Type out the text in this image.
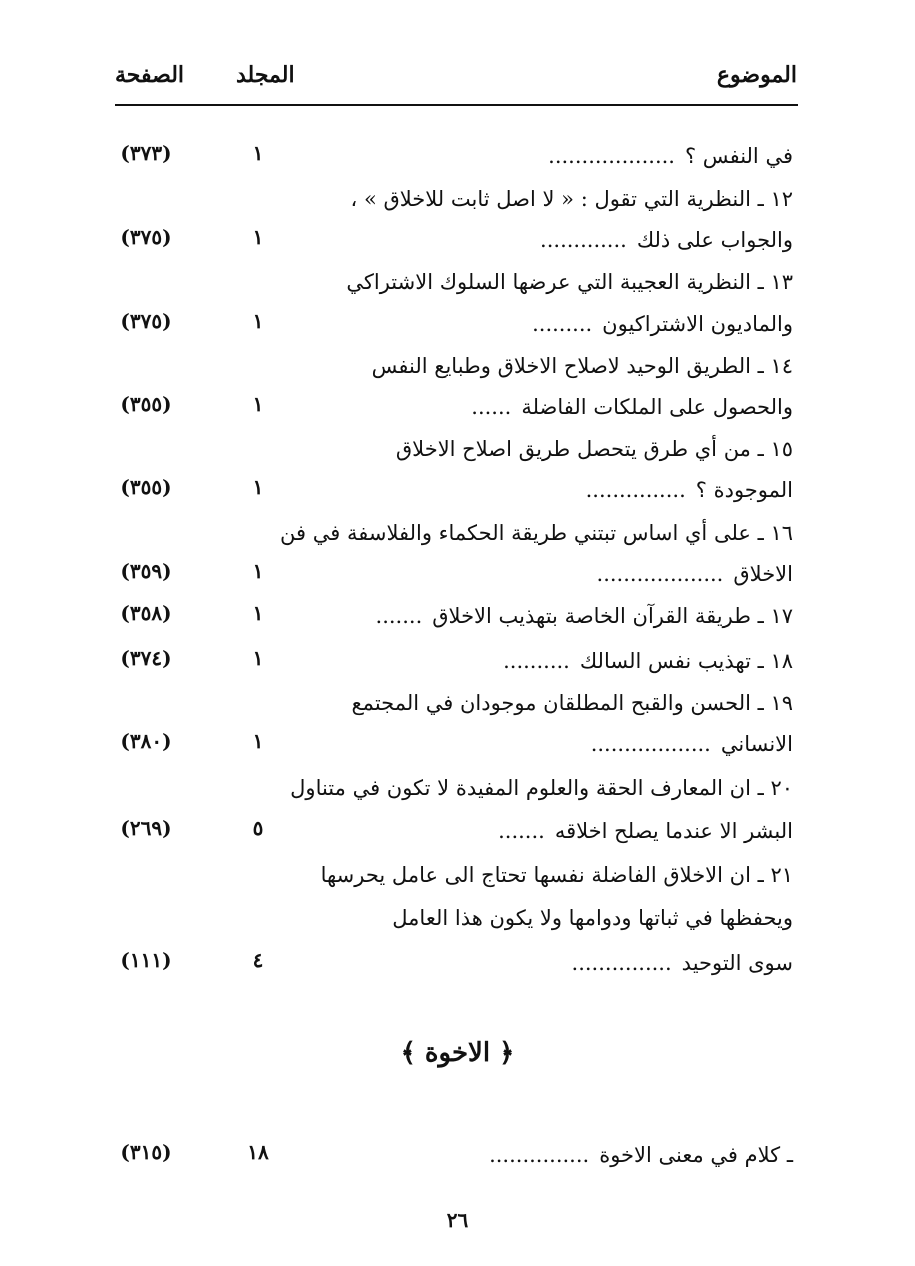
الموضوع
المجلد
الصفحة
في النفس ؟...................
١
(٣٧٣)
١٢ ـ النظرية التي تقول : « لا اصل ثابت للاخلاق » ،
والجواب على ذلك.............
١
(٣٧٥)
١٣ ـ النظرية العجيبة التي عرضها السلوك الاشتراكي
والماديون الاشتراكيون.........
١
(٣٧٥)
١٤ ـ الطريق الوحيد لاصلاح الاخلاق وطبايع النفس
والحصول على الملكات الفاضلة......
١
(٣٥٥)
١٥ ـ من أي طرق يتحصل طريق اصلاح الاخلاق
الموجودة ؟...............
١
(٣٥٥)
١٦ ـ على أي اساس تبتني طريقة الحكماء والفلاسفة في فن
الاخلاق...................
١
(٣٥٩)
١٧ ـ طريقة القرآن الخاصة بتهذيب الاخلاق.......
١
(٣٥٨)
١٨ ـ تهذيب نفس السالك..........
١
(٣٧٤)
١٩ ـ الحسن والقبح المطلقان موجودان في المجتمع
الانساني..................
١
(٣٨٠)
٢٠ ـ ان المعارف الحقة والعلوم المفيدة لا تكون في متناول
البشر الا عندما يصلح اخلاقه.......
٥
(٢٦٩)
٢١ ـ ان الاخلاق الفاضلة نفسها تحتاج الى عامل يحرسها
ويحفظها في ثباتها ودوامها ولا يكون هذا العامل
سوى التوحيد...............
٤
(١١١)
﴿ الاخوة ﴾
ـ كلام في معنى الاخوة...............
١٨
(٣١٥)
٢٦
